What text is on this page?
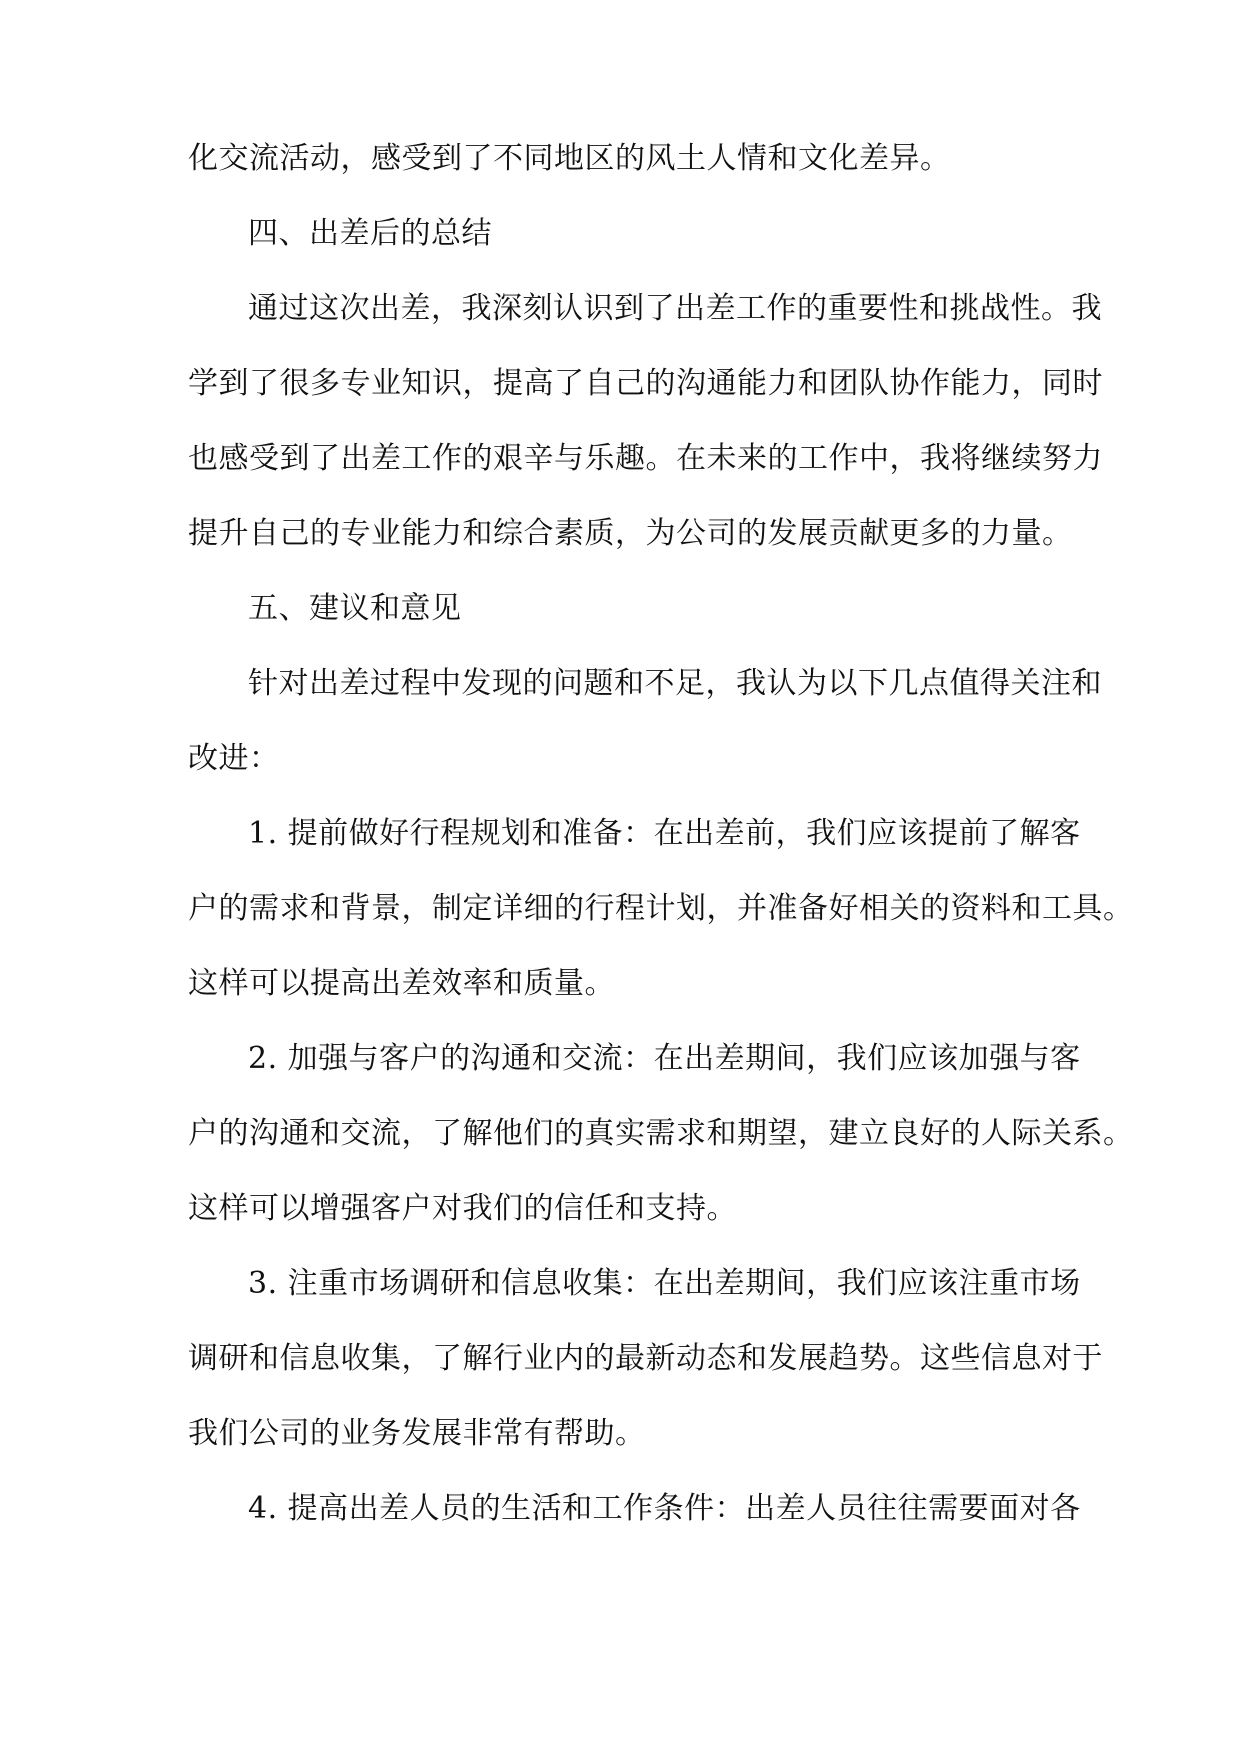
化交流活动，感受到了不同地区的风土人情和文化差异。
四、出差后的总结
通过这次出差，我深刻认识到了出差工作的重要性和挑战性。我
学到了很多专业知识，提高了自己的沟通能力和团队协作能力，同时
也感受到了出差工作的艰辛与乐趣。在未来的工作中，我将继续努力
提升自己的专业能力和综合素质，为公司的发展贡献更多的力量。
五、建议和意见
针对出差过程中发现的问题和不足，我认为以下几点值得关注和
改进：
1. 提前做好行程规划和准备：在出差前，我们应该提前了解客
户的需求和背景，制定详细的行程计划，并准备好相关的资料和工具。
这样可以提高出差效率和质量。
2. 加强与客户的沟通和交流：在出差期间，我们应该加强与客
户的沟通和交流，了解他们的真实需求和期望，建立良好的人际关系。
这样可以增强客户对我们的信任和支持。
3. 注重市场调研和信息收集：在出差期间，我们应该注重市场
调研和信息收集，了解行业内的最新动态和发展趋势。这些信息对于
我们公司的业务发展非常有帮助。
4. 提高出差人员的生活和工作条件：出差人员往往需要面对各
